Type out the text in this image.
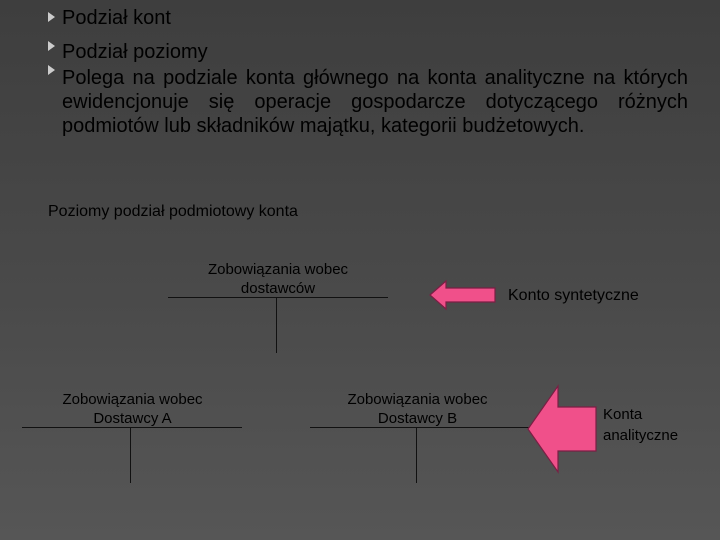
Podział kont
Podział poziomy
Polega na podziale konta głównego na konta analityczne na których ewidencjonuje się operacje gospodarcze dotyczącego różnych podmiotów lub składników majątku, kategorii budżetowych.
Poziomy podział podmiotowy konta
Zobowiązania wobec
dostawców
Zobowiązania wobec
Dostawcy A
Zobowiązania wobec
Dostawcy B
Konto syntetyczne
Konta
analityczne
